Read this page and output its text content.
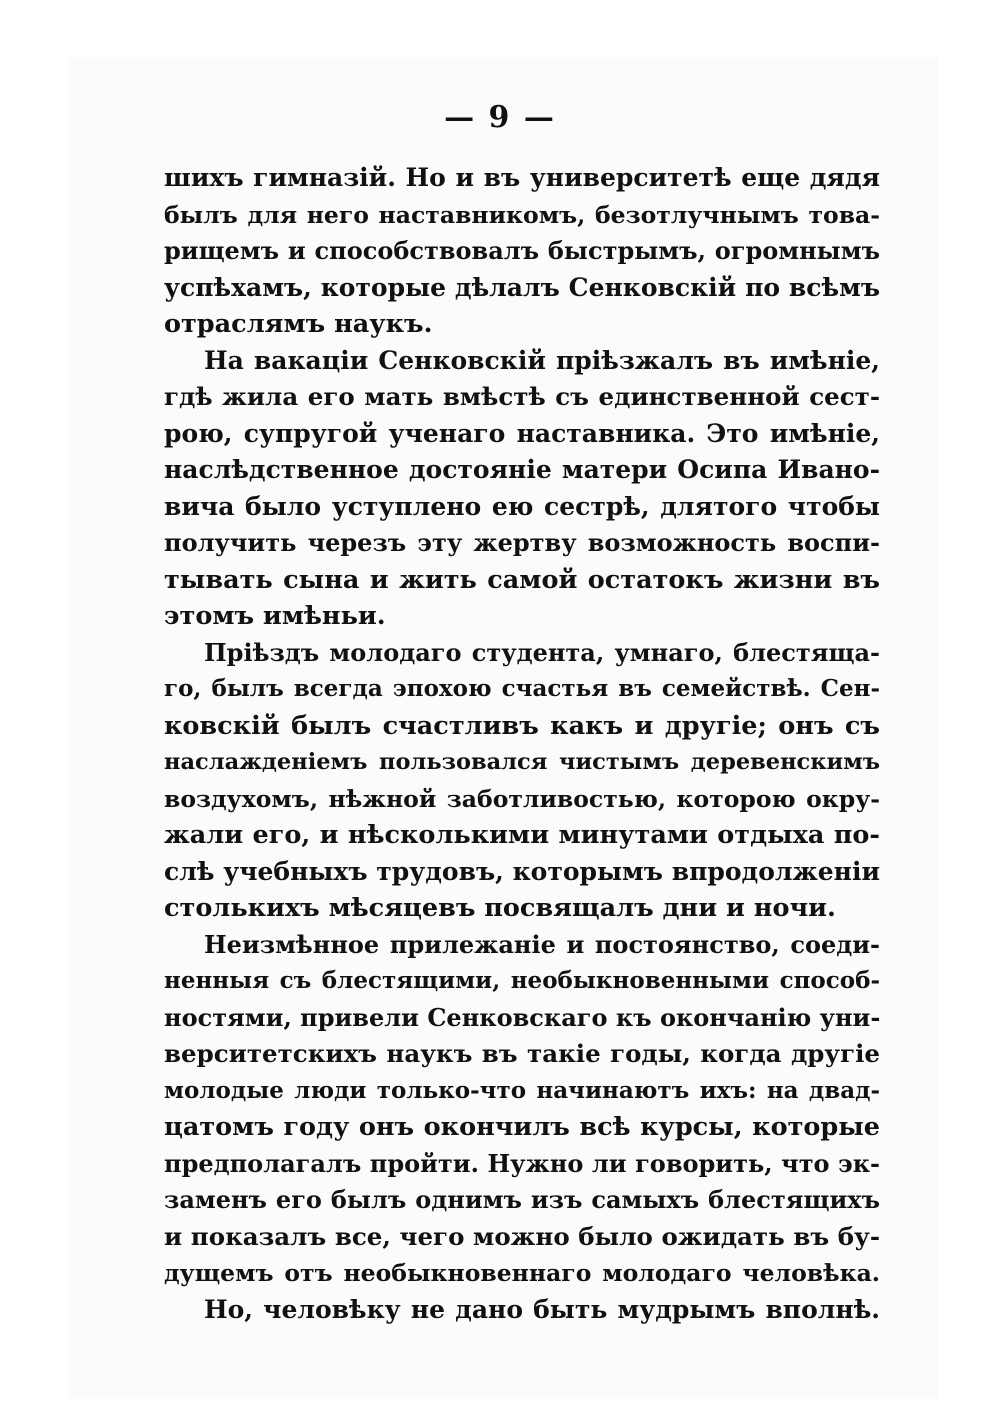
— 9 —
шихъ гимназій. Но и въ университетѣ еще дядя
былъ для него наставникомъ, безотлучнымъ това-
рищемъ и способствовалъ быстрымъ, огромнымъ
успѣхамъ, которые дѣлалъ Сенковскій по всѣмъ
отраслямъ наукъ.
На вакаціи Сенковскій пріѣзжалъ въ имѣніе,
гдѣ жила его мать вмѣстѣ съ единственной сест-
рою, супругой ученаго наставника. Это имѣніе,
наслѣдственное достояніе матери Осипа Ивано-
вича было уступлено ею сестрѣ, длятого чтобы
получить черезъ эту жертву возможность воспи-
тывать сына и жить самой остатокъ жизни въ
этомъ имѣньи.
Пріѣздъ молодаго студента, умнаго, блестяща-
го, былъ всегда эпохою счастья въ семействѣ. Сен-
ковскій былъ счастливъ какъ и другіе; онъ съ
наслажденіемъ пользовался чистымъ деревенскимъ
воздухомъ, нѣжной заботливостью, которою окру-
жали его, и нѣсколькими минутами отдыха по-
слѣ учебныхъ трудовъ, которымъ впродолженіи
столькихъ мѣсяцевъ посвящалъ дни и ночи.
Неизмѣнное прилежаніе и постоянство, соеди-
ненныя съ блестящими, необыкновенными способ-
ностями, привели Сенковскаго къ окончанію уни-
верситетскихъ наукъ въ такіе годы, когда другіе
молодые люди только-что начинаютъ ихъ: на двад-
цатомъ году онъ окончилъ всѣ курсы, которые
предполагалъ пройти. Нужно ли говорить, что эк-
заменъ его былъ однимъ изъ самыхъ блестящихъ
и показалъ все, чего можно было ожидать въ бу-
дущемъ отъ необыкновеннаго молодаго человѣка.
Но, человѣку не дано быть мудрымъ вполнѣ.
